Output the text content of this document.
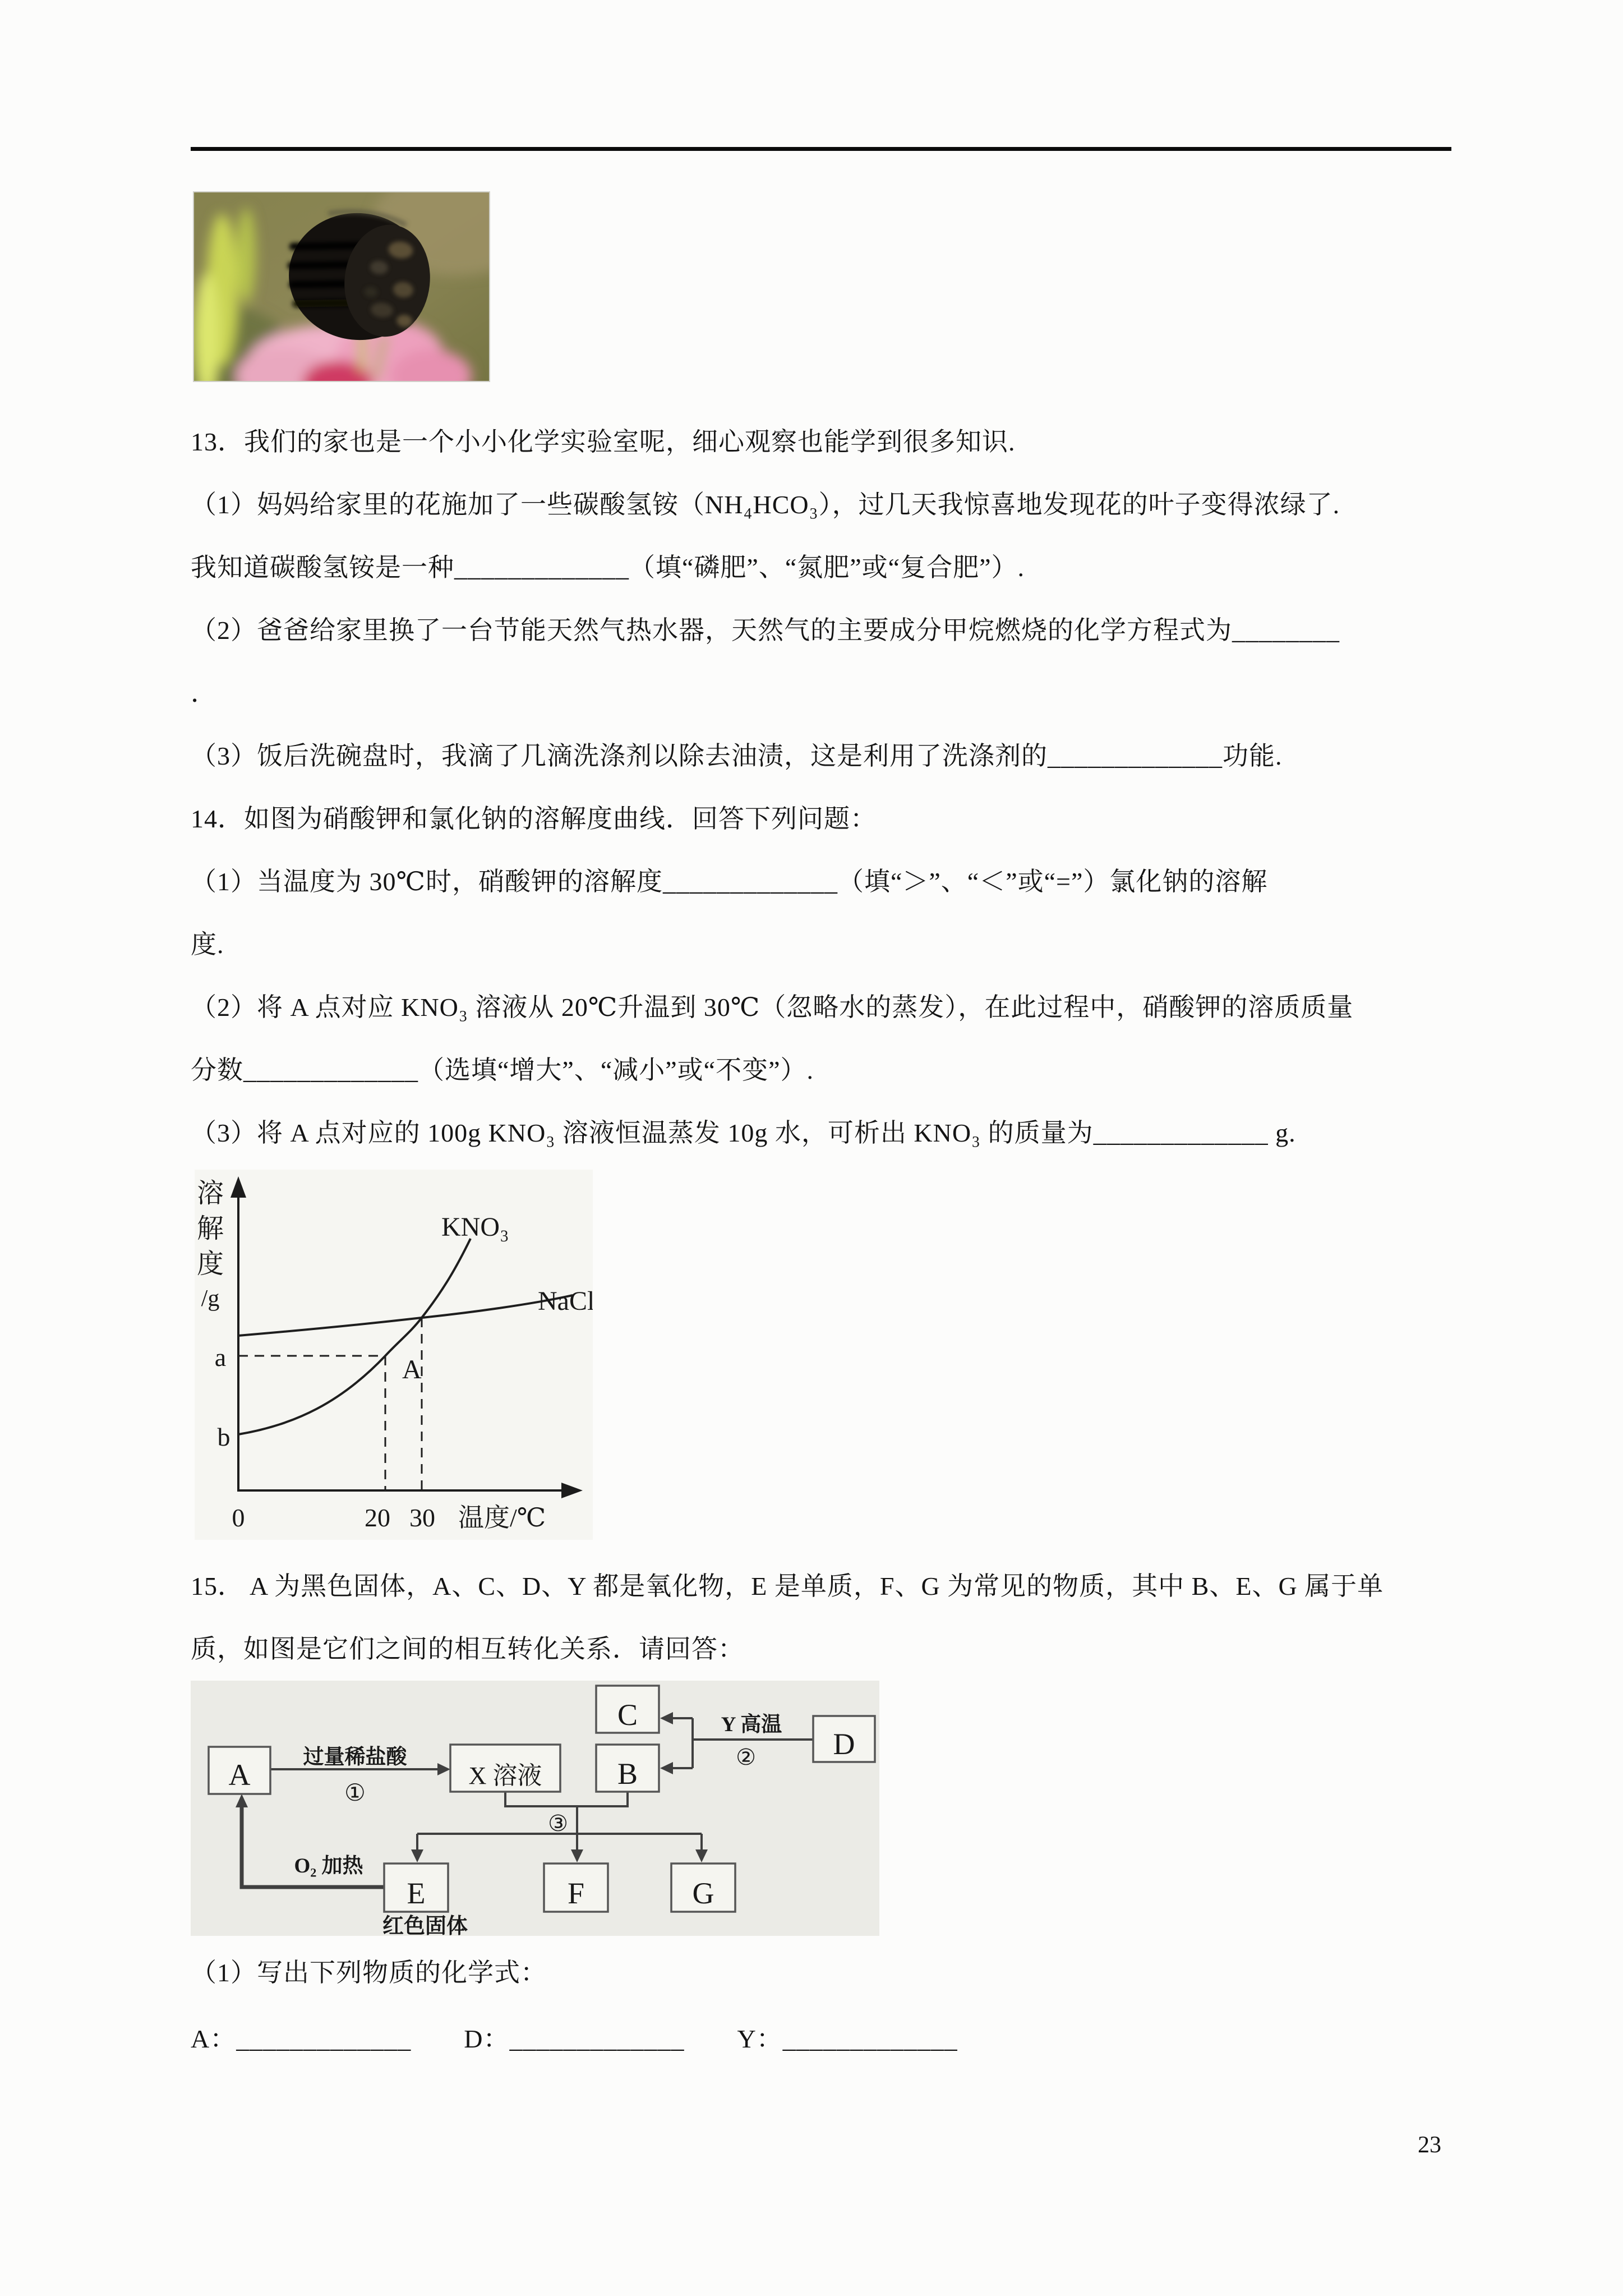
13．我们的家也是一个小小化学实验室呢，细心观察也能学到很多知识.
（1）妈妈给家里的花施加了一些碳酸氢铵（NH₄HCO₃），过几天我惊喜地发现花的叶子变得浓绿了.
我知道碳酸氢铵是一种_____________（填“磷肥”、“氮肥”或“复合肥”）.
（2）爸爸给家里换了一台节能天然气热水器，天然气的主要成分甲烷燃烧的化学方程式为________
．
（3）饭后洗碗盘时，我滴了几滴洗涤剂以除去油渍，这是利用了洗涤剂的_____________功能.
14．如图为硝酸钾和氯化钠的溶解度曲线．回答下列问题：
（1）当温度为 30℃时，硝酸钾的溶解度_____________（填“＞”、“＜”或“=”）氯化钠的溶解
度.
（2）将 A 点对应 KNO₃ 溶液从 20℃升温到 30℃（忽略水的蒸发），在此过程中，硝酸钾的溶质质量
分数_____________（选填“增大”、“减小”或“不变”）.
（3）将 A 点对应的 100g KNO₃ 溶液恒温蒸发 10g 水，可析出 KNO₃ 的质量为_____________ g.
溶
解
度
/g
KNO₃
NaCl
a
b
A
0	20 30 温度/℃
15． A 为黑色固体，A、C、D、Y 都是氧化物，E 是单质，F、G 为常见的物质，其中 B、E、G 属于单
质，如图是它们之间的相互转化关系．请回答：
A	X 溶液 B
C
D
E	F	G
过量稀盐酸
①
Y 高温
②
③
O₂ 加热
红色固体
（1）写出下列物质的化学式：
A：_____________　　D：_____________　　Y：_____________
23
